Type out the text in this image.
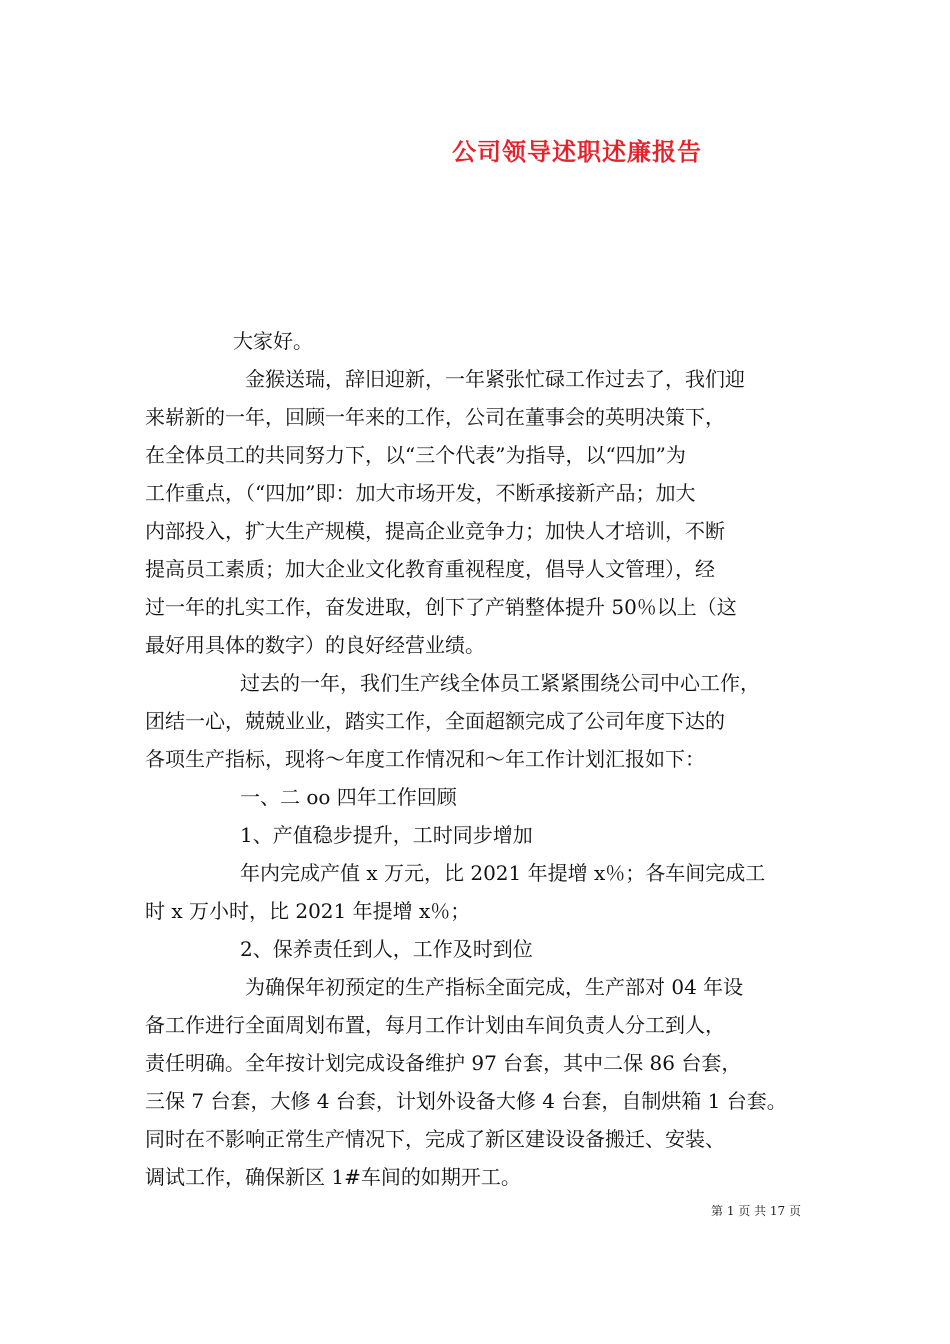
公司领导述职述廉报告
大家好。
金猴送瑞，辞旧迎新，一年紧张忙碌工作过去了，我们迎
来崭新的一年，回顾一年来的工作，公司在董事会的英明决策下，
在全体员工的共同努力下，以“三个代表”为指导，以“四加”为
工作重点，（“四加”即：加大市场开发，不断承接新产品；加大
内部投入，扩大生产规模，提高企业竞争力；加快人才培训，不断
提高员工素质；加大企业文化教育重视程度，倡导人文管理），经
过一年的扎实工作，奋发进取，创下了产销整体提升 50％以上（这
最好用具体的数字）的良好经营业绩。
过去的一年，我们生产线全体员工紧紧围绕公司中心工作，
团结一心，兢兢业业，踏实工作，全面超额完成了公司年度下达的
各项生产指标，现将～年度工作情况和～年工作计划汇报如下：
一、二 oo 四年工作回顾
1、产值稳步提升，工时同步增加
年内完成产值 x 万元，比 2021 年提增 x％；各车间完成工
时 x 万小时，比 2021 年提增 x％；
2、保养责任到人，工作及时到位
为确保年初预定的生产指标全面完成，生产部对 04 年设
备工作进行全面周划布置，每月工作计划由车间负责人分工到人，
责任明确。全年按计划完成设备维护 97 台套，其中二保 86 台套，
三保 7 台套，大修 4 台套，计划外设备大修 4 台套，自制烘箱 1 台套。
同时在不影响正常生产情况下，完成了新区建设设备搬迁、安装、
调试工作，确保新区 1#车间的如期开工。
第 1 页 共 17 页
